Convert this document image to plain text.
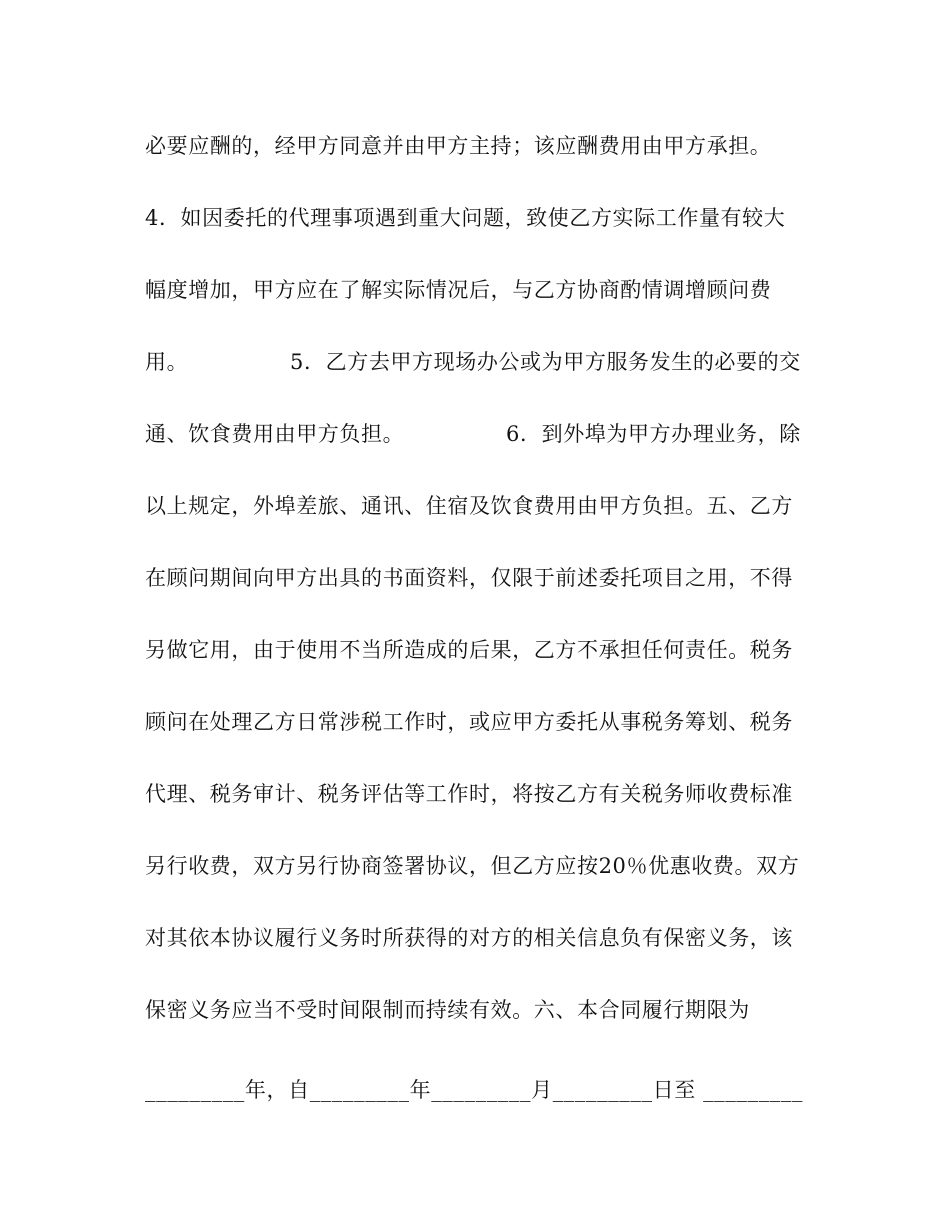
必要应酬的，经甲方同意并由甲方主持；该应酬费用由甲方承担。
4．如因委托的代理事项遇到重大问题，致使乙方实际工作量有较大
幅度增加，甲方应在了解实际情况后，与乙方协商酌情调增顾问费
用。              5．乙方去甲方现场办公或为甲方服务发生的必要的交
通、饮食费用由甲方负担。              6．到外埠为甲方办理业务，除
以上规定，外埠差旅、通讯、住宿及饮食费用由甲方负担。五、乙方
在顾问期间向甲方出具的书面资料，仅限于前述委托项目之用，不得
另做它用，由于使用不当所造成的后果，乙方不承担任何责任。税务
顾问在处理乙方日常涉税工作时，或应甲方委托从事税务筹划、税务
代理、税务审计、税务评估等工作时，将按乙方有关税务师收费标准
另行收费，双方另行协商签署协议，但乙方应按20％优惠收费。双方
对其依本协议履行义务时所获得的对方的相关信息负有保密义务，该
保密义务应当不受时间限制而持续有效。六、本合同履行期限为
_________年，自_________年_________月_________日至 _________
